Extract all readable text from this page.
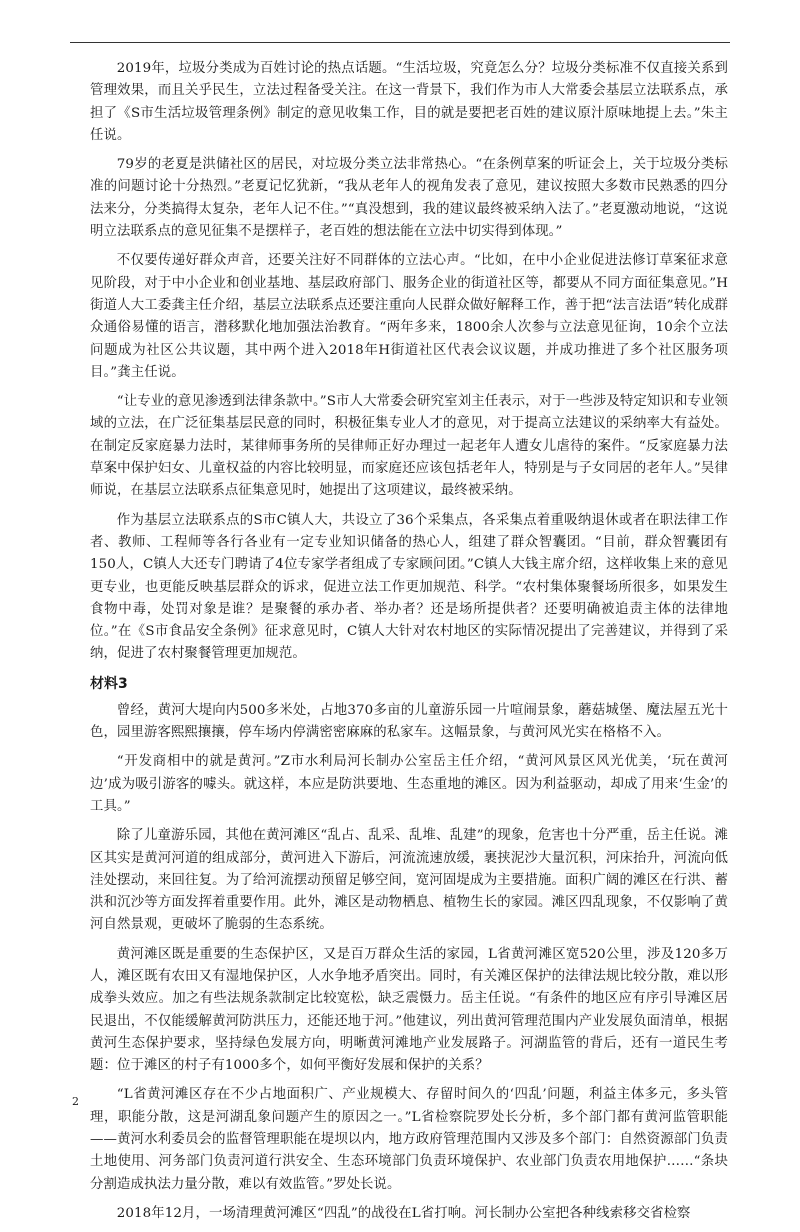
2019年，垃圾分类成为百姓讨论的热点话题。“生活垃圾，究竟怎么分？垃圾分类标准不仅直接关系到管理效果，而且关乎民生，立法过程备受关注。在这一背景下，我们作为市人大常委会基层立法联系点，承担了《S市生活垃圾管理条例》制定的意见收集工作，目的就是要把老百姓的建议原汁原味地提上去。”朱主任说。

79岁的老夏是洪储社区的居民，对垃圾分类立法非常热心。“在条例草案的听证会上，关于垃圾分类标准的问题讨论十分热烈。”老夏记忆犹新，“我从老年人的视角发表了意见，建议按照大多数市民熟悉的四分法来分，分类搞得太复杂，老年人记不住。”“真没想到，我的建议最终被采纳入法了。”老夏激动地说，“这说明立法联系点的意见征集不是摆样子，老百姓的想法能在立法中切实得到体现。”

不仅要传递好群众声音，还要关注好不同群体的立法心声。“比如，在中小企业促进法修订草案征求意见阶段，对于中小企业和创业基地、基层政府部门、服务企业的街道社区等，都要从不同方面征集意见。”H街道人大工委龚主任介绍，基层立法联系点还要注重向人民群众做好解释工作，善于把“法言法语”转化成群众通俗易懂的语言，潜移默化地加强法治教育。“两年多来，1800余人次参与立法意见征询，10余个立法问题成为社区公共议题，其中两个进入2018年H街道社区代表会议议题，并成功推进了多个社区服务项目。”龚主任说。

“让专业的意见渗透到法律条款中。”S市人大常委会研究室刘主任表示，对于一些涉及特定知识和专业领域的立法，在广泛征集基层民意的同时，积极征集专业人才的意见，对于提高立法建议的采纳率大有益处。在制定反家庭暴力法时，某律师事务所的吴律师正好办理过一起老年人遭女儿虐待的案件。“反家庭暴力法草案中保护妇女、儿童权益的内容比较明显，而家庭还应该包括老年人，特别是与子女同居的老年人。”吴律师说，在基层立法联系点征集意见时，她提出了这项建议，最终被采纳。

作为基层立法联系点的S市C镇人大，共设立了36个采集点，各采集点着重吸纳退休或者在职法律工作者、教师、工程师等各行各业有一定专业知识储备的热心人，组建了群众智囊团。“目前，群众智囊团有150人，C镇人大还专门聘请了4位专家学者组成了专家顾问团。”C镇人大钱主席介绍，这样收集上来的意见更专业，也更能反映基层群众的诉求，促进立法工作更加规范、科学。“农村集体聚餐场所很多，如果发生食物中毒，处罚对象是谁？是聚餐的承办者、举办者？还是场所提供者？还要明确被追责主体的法律地位。”在《S市食品安全条例》征求意见时，C镇人大针对农村地区的实际情况提出了完善建议，并得到了采纳，促进了农村聚餐管理更加规范。

材料3

曾经，黄河大堤向内500多米处，占地370多亩的儿童游乐园一片喧闹景象，蘑菇城堡、魔法屋五光十色，园里游客熙熙攘攘，停车场内停满密密麻麻的私家车。这幅景象，与黄河风光实在格格不入。

“开发商相中的就是黄河。”Z市水利局河长制办公室岳主任介绍，“黄河风景区风光优美，‘玩在黄河边’成为吸引游客的噱头。就这样，本应是防洪要地、生态重地的滩区。因为利益驱动，却成了用来‘生金’的工具。”

除了儿童游乐园，其他在黄河滩区“乱占、乱采、乱堆、乱建”的现象，危害也十分严重，岳主任说。滩区其实是黄河河道的组成部分，黄河进入下游后，河流流速放缓，裹挟泥沙大量沉积，河床抬升，河流向低洼处摆动，来回往复。为了给河流摆动预留足够空间，宽河固堤成为主要措施。面积广阔的滩区在行洪、蓄洪和沉沙等方面发挥着重要作用。此外，滩区是动物栖息、植物生长的家园。滩区四乱现象，不仅影响了黄河自然景观，更破坏了脆弱的生态系统。

黄河滩区既是重要的生态保护区，又是百万群众生活的家园，L省黄河滩区宽520公里，涉及120多万人，滩区既有农田又有湿地保护区，人水争地矛盾突出。同时，有关滩区保护的法律法规比较分散，难以形成拳头效应。加之有些法规条款制定比较宽松，缺乏震慑力。岳主任说。“有条件的地区应有序引导滩区居民退出，不仅能缓解黄河防洪压力，还能还地于河。”他建议，列出黄河管理范围内产业发展负面清单，根据黄河生态保护要求，坚持绿色发展方向，明晰黄河滩地产业发展路子。河湖监管的背后，还有一道民生考题：位于滩区的村子有1000多个，如何平衡好发展和保护的关系？

“L省黄河滩区存在不少占地面积广、产业规模大、存留时间久的‘四乱’问题，利益主体多元，多头管理，职能分散，这是河湖乱象问题产生的原因之一。”L省检察院罗处长分析，多个部门都有黄河监管职能——黄河水利委员会的监督管理职能在堤坝以内，地方政府管理范围内又涉及多个部门：自然资源部门负责土地使用、河务部门负责河道行洪安全、生态环境部门负责环境保护、农业部门负责农用地保护……“条块分割造成执法力量分散，难以有效监管。”罗处长说。

2018年12月，一场清理黄河滩区“四乱”的战役在L省打响。河长制办公室把各种线索移交省检察

2
